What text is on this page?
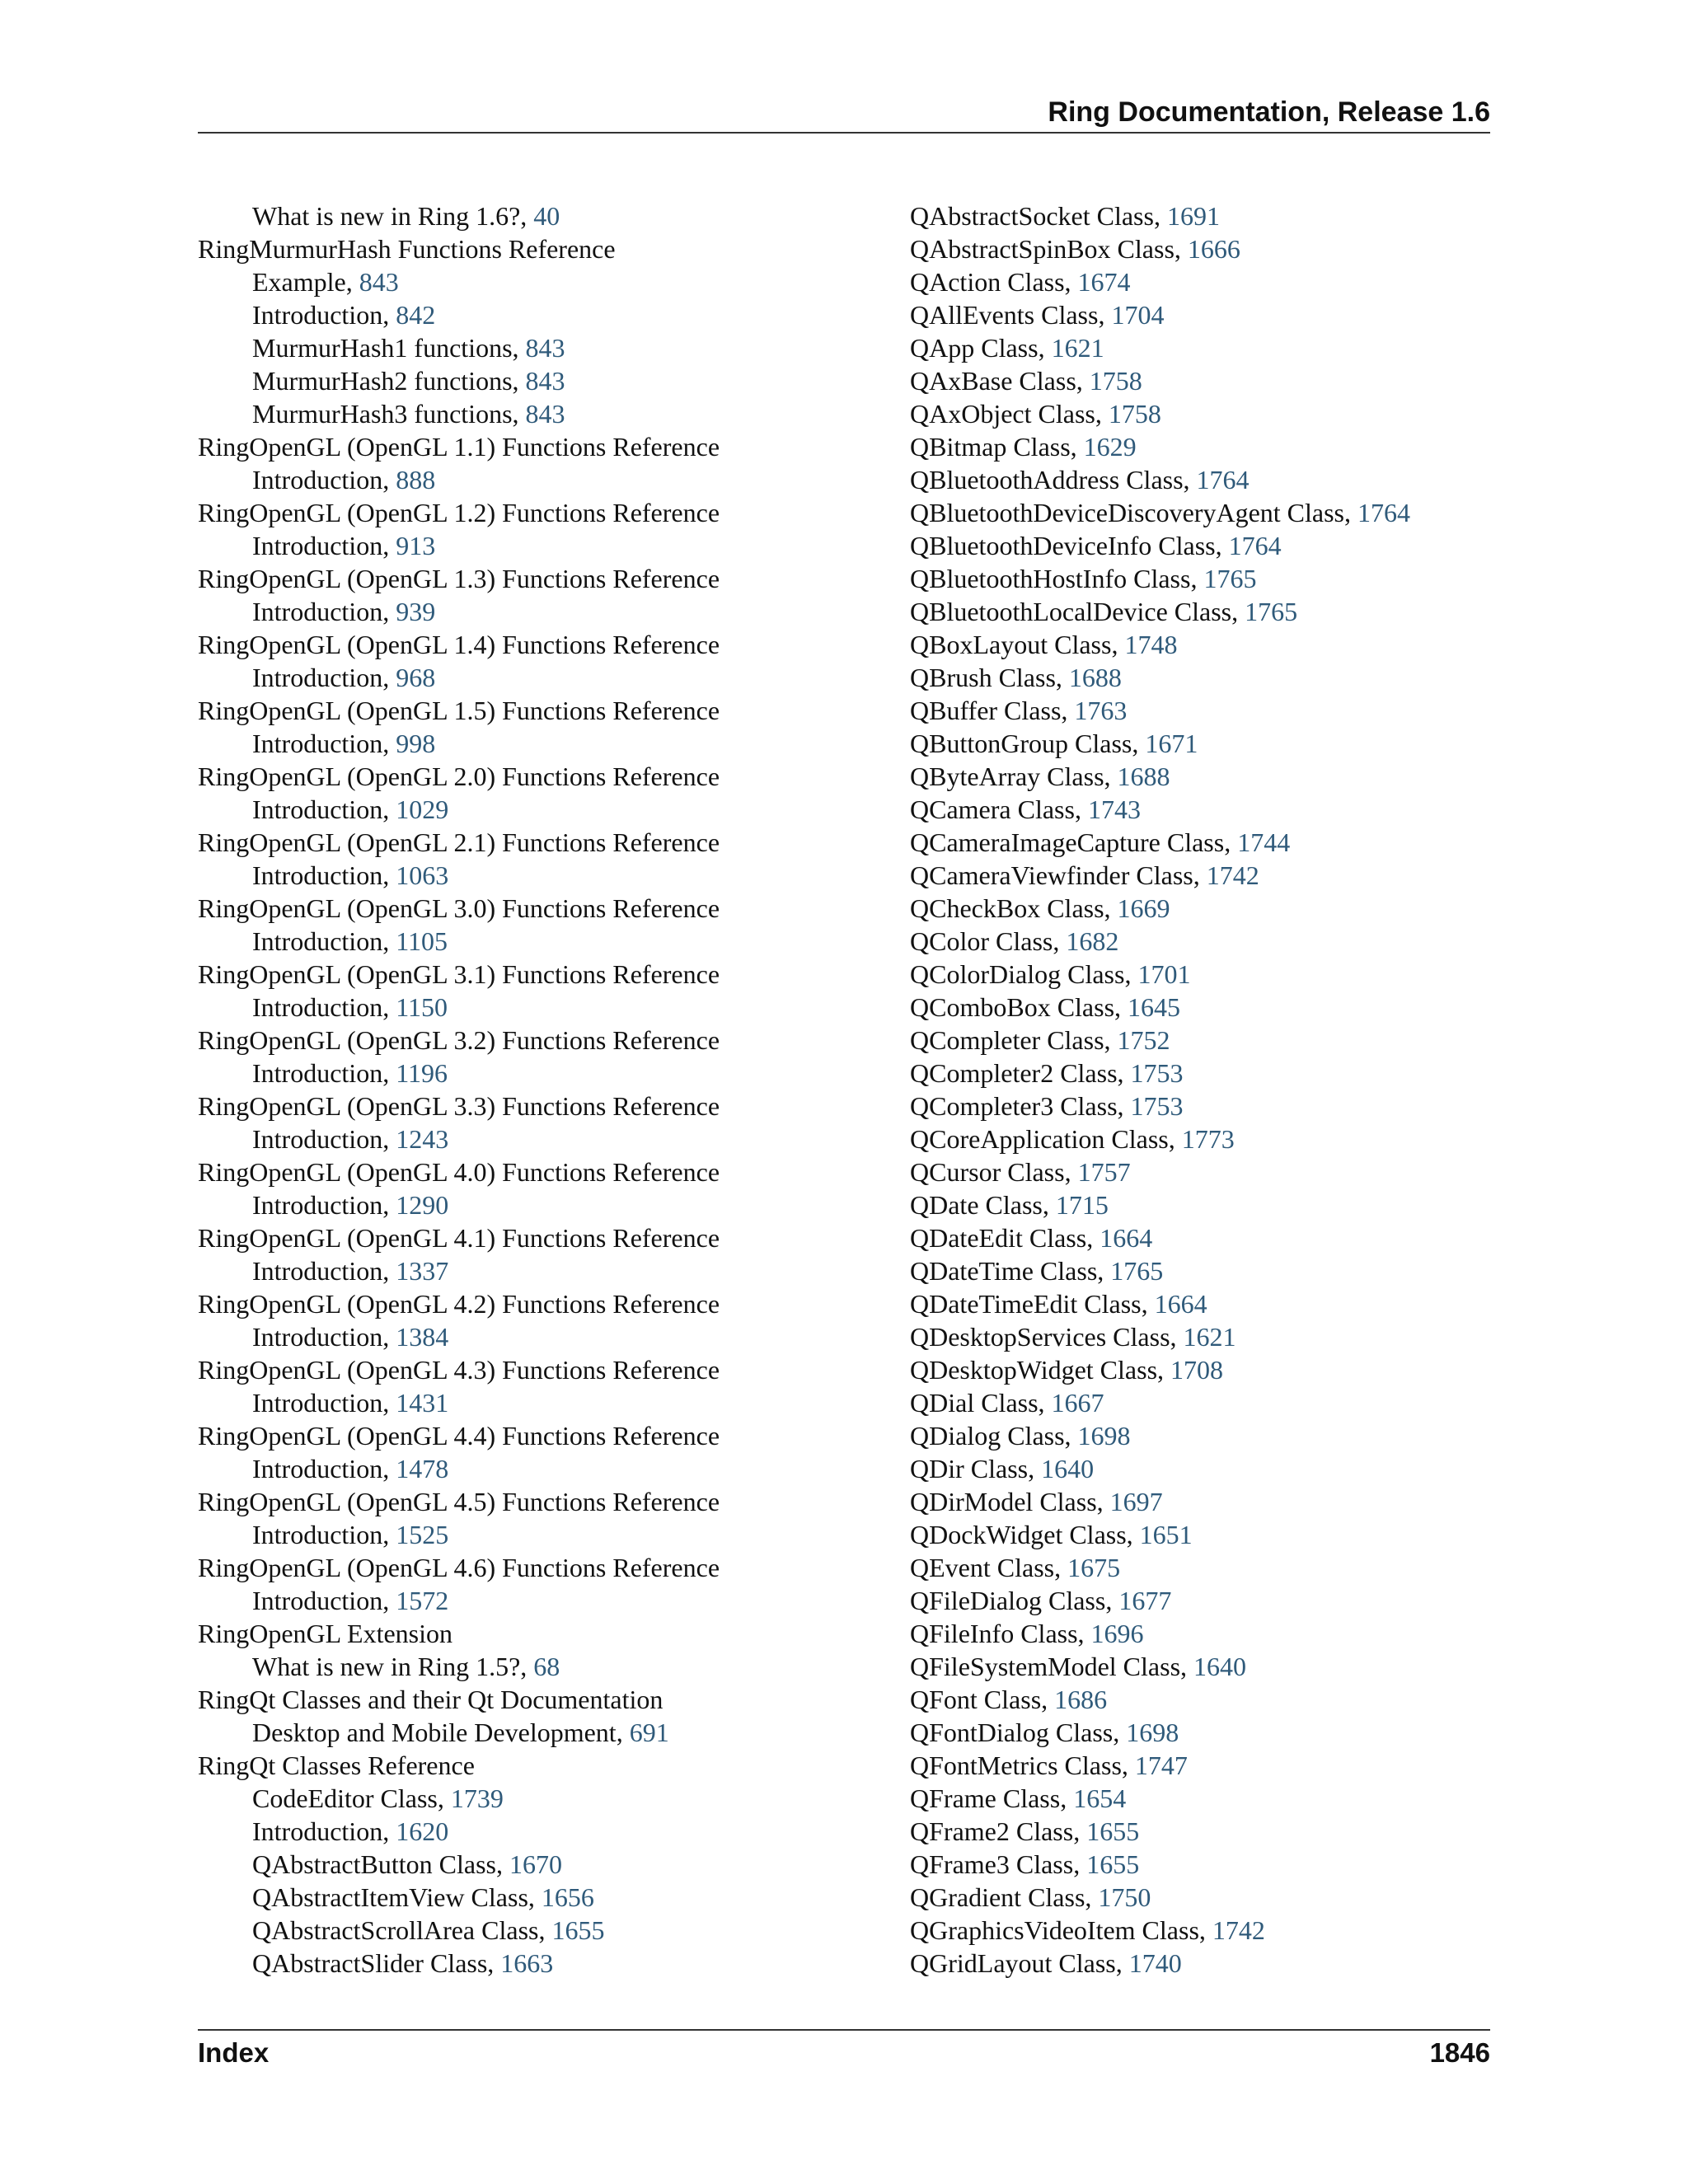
Ring Documentation, Release 1.6
What is new in Ring 1.6?, 40
RingMurmurHash Functions Reference
Example, 843
Introduction, 842
MurmurHash1 functions, 843
MurmurHash2 functions, 843
MurmurHash3 functions, 843
RingOpenGL (OpenGL 1.1) Functions Reference
Introduction, 888
RingOpenGL (OpenGL 1.2) Functions Reference
Introduction, 913
RingOpenGL (OpenGL 1.3) Functions Reference
Introduction, 939
RingOpenGL (OpenGL 1.4) Functions Reference
Introduction, 968
RingOpenGL (OpenGL 1.5) Functions Reference
Introduction, 998
RingOpenGL (OpenGL 2.0) Functions Reference
Introduction, 1029
RingOpenGL (OpenGL 2.1) Functions Reference
Introduction, 1063
RingOpenGL (OpenGL 3.0) Functions Reference
Introduction, 1105
RingOpenGL (OpenGL 3.1) Functions Reference
Introduction, 1150
RingOpenGL (OpenGL 3.2) Functions Reference
Introduction, 1196
RingOpenGL (OpenGL 3.3) Functions Reference
Introduction, 1243
RingOpenGL (OpenGL 4.0) Functions Reference
Introduction, 1290
RingOpenGL (OpenGL 4.1) Functions Reference
Introduction, 1337
RingOpenGL (OpenGL 4.2) Functions Reference
Introduction, 1384
RingOpenGL (OpenGL 4.3) Functions Reference
Introduction, 1431
RingOpenGL (OpenGL 4.4) Functions Reference
Introduction, 1478
RingOpenGL (OpenGL 4.5) Functions Reference
Introduction, 1525
RingOpenGL (OpenGL 4.6) Functions Reference
Introduction, 1572
RingOpenGL Extension
What is new in Ring 1.5?, 68
RingQt Classes and their Qt Documentation
Desktop and Mobile Development, 691
RingQt Classes Reference
CodeEditor Class, 1739
Introduction, 1620
QAbstractButton Class, 1670
QAbstractItemView Class, 1656
QAbstractScrollArea Class, 1655
QAbstractSlider Class, 1663
QAbstractSocket Class, 1691
QAbstractSpinBox Class, 1666
QAction Class, 1674
QAllEvents Class, 1704
QApp Class, 1621
QAxBase Class, 1758
QAxObject Class, 1758
QBitmap Class, 1629
QBluetoothAddress Class, 1764
QBluetoothDeviceDiscoveryAgent Class, 1764
QBluetoothDeviceInfo Class, 1764
QBluetoothHostInfo Class, 1765
QBluetoothLocalDevice Class, 1765
QBoxLayout Class, 1748
QBrush Class, 1688
QBuffer Class, 1763
QButtonGroup Class, 1671
QByteArray Class, 1688
QCamera Class, 1743
QCameraImageCapture Class, 1744
QCameraViewfinder Class, 1742
QCheckBox Class, 1669
QColor Class, 1682
QColorDialog Class, 1701
QComboBox Class, 1645
QCompleter Class, 1752
QCompleter2 Class, 1753
QCompleter3 Class, 1753
QCoreApplication Class, 1773
QCursor Class, 1757
QDate Class, 1715
QDateEdit Class, 1664
QDateTime Class, 1765
QDateTimeEdit Class, 1664
QDesktopServices Class, 1621
QDesktopWidget Class, 1708
QDial Class, 1667
QDialog Class, 1698
QDir Class, 1640
QDirModel Class, 1697
QDockWidget Class, 1651
QEvent Class, 1675
QFileDialog Class, 1677
QFileInfo Class, 1696
QFileSystemModel Class, 1640
QFont Class, 1686
QFontDialog Class, 1698
QFontMetrics Class, 1747
QFrame Class, 1654
QFrame2 Class, 1655
QFrame3 Class, 1655
QGradient Class, 1750
QGraphicsVideoItem Class, 1742
QGridLayout Class, 1740
Index	1846
